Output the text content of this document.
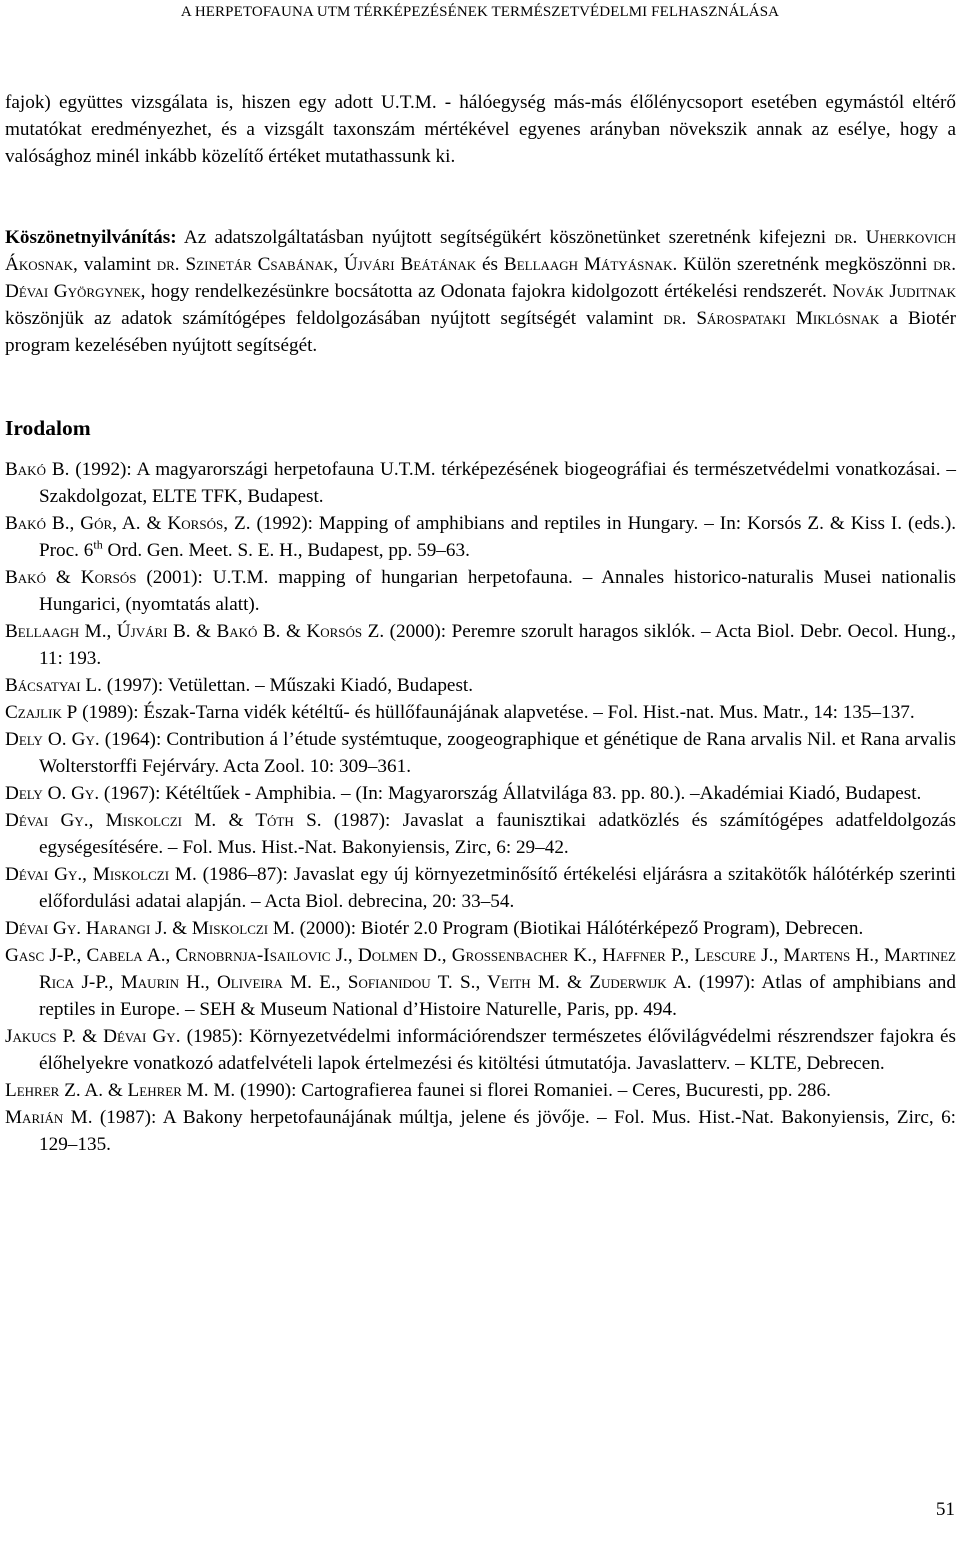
A HERPETOFAUNA UTM TÉRKÉPEZÉSÉNEK TERMÉSZETVÉDELMI FELHASZNÁLÁSA

fajok) együttes vizsgálata is, hiszen egy adott U.T.M. - hálóegység más-más élőlénycsoport esetében egymástól eltérő mutatókat eredményezhet, és a vizsgált taxonszám mértékével egyenes arányban növekszik annak az esélye, hogy a valósághoz minél inkább közelítő értéket mutathassunk ki.

Köszönetnyilvánítás: Az adatszolgáltatásban nyújtott segítségükért köszönetünket szeretnénk kifejezni dr. Uherkovich Ákosnak, valamint dr. Szinetár Csabának, Újvári Beátának és Bellaagh Mátyásnak. Külön szeretnénk megköszönni dr. Dévai Györgynek, hogy rendelkezésünkre bocsátotta az Odonata fajokra kidolgozott értékelési rendszerét. Novák Juditnak köszönjük az adatok számítógépes feldolgozásában nyújtott segítségét valamint dr. Sárospataki Miklósnak a Biotér program kezelésében nyújtott segítségét.

Irodalom

Bakó B. (1992): A magyarországi herpetofauna U.T.M. térképezésének biogeográfiai és természetvédelmi vonatkozásai. – Szakdolgozat, ELTE TFK, Budapest.

Bakó B., Gór, A. & Korsós, Z. (1992): Mapping of amphibians and reptiles in Hungary. – In: Korsós Z. & Kiss I. (eds.). Proc. 6th Ord. Gen. Meet. S. E. H., Budapest, pp. 59–63.

Bakó & Korsós (2001): U.T.M. mapping of hungarian herpetofauna. – Annales historico-naturalis Musei nationalis Hungarici, (nyomtatás alatt).

Bellaagh M., Újvári B. & Bakó B. & Korsós Z. (2000): Peremre szorult haragos siklók. – Acta Biol. Debr. Oecol. Hung., 11: 193.

Bácsatyai L. (1997): Vetülettan. – Műszaki Kiadó, Budapest.

Czajlik P (1989): Észak-Tarna vidék kétéltű- és hüllőfaunájának alapvetése. – Fol. Hist.-nat. Mus. Matr., 14: 135–137.

Dely O. Gy. (1964): Contribution á l’étude systémtuque, zoogeographique et génétique de Rana arvalis Nil. et Rana arvalis Wolterstorffi Fejérváry. Acta Zool. 10: 309–361.

Dely O. Gy. (1967): Kétéltűek - Amphibia. – (In: Magyarország Állatvilága 83. pp. 80.). –Akadémiai Kiadó, Budapest.

Dévai Gy., Miskolczi M. & Tóth S. (1987): Javaslat a faunisztikai adatközlés és számítógépes adatfeldolgozás egységesítésére. – Fol. Mus. Hist.-Nat. Bakonyiensis, Zirc, 6: 29–42.

Dévai Gy., Miskolczi M. (1986–87): Javaslat egy új környezetminősítő értékelési eljárásra a szitakötők hálótérkép szerinti előfordulási adatai alapján. – Acta Biol. debrecina, 20: 33–54.

Dévai Gy. Harangi J. & Miskolczi M. (2000): Biotér 2.0 Program (Biotikai Hálótérképező Program), Debrecen.

Gasc J-P., Cabela A., Crnobrnja-Isailovic J., Dolmen D., Grossenbacher K., Haffner P., Lescure J., Martens H., Martinez Rica J-P., Maurin H., Oliveira M. E., Sofianidou T. S., Veith M. & Zuderwijk A. (1997): Atlas of amphibians and reptiles in Europe. – SEH & Museum National d’Histoire Naturelle, Paris, pp. 494.

Jakucs P. & Dévai Gy. (1985): Környezetvédelmi információrendszer természetes élővilágvédelmi részrendszer fajokra és élőhelyekre vonatkozó adatfelvételi lapok értelmezési és kitöltési útmutatója. Javaslatterv. – KLTE, Debrecen.

Lehrer Z. A. & Lehrer M. M. (1990): Cartografierea faunei si florei Romaniei. – Ceres, Bucuresti, pp. 286.

Marián M. (1987): A Bakony herpetofaunájának múltja, jelene és jövője. – Fol. Mus. Hist.-Nat. Bakonyiensis, Zirc, 6: 129–135.

51
